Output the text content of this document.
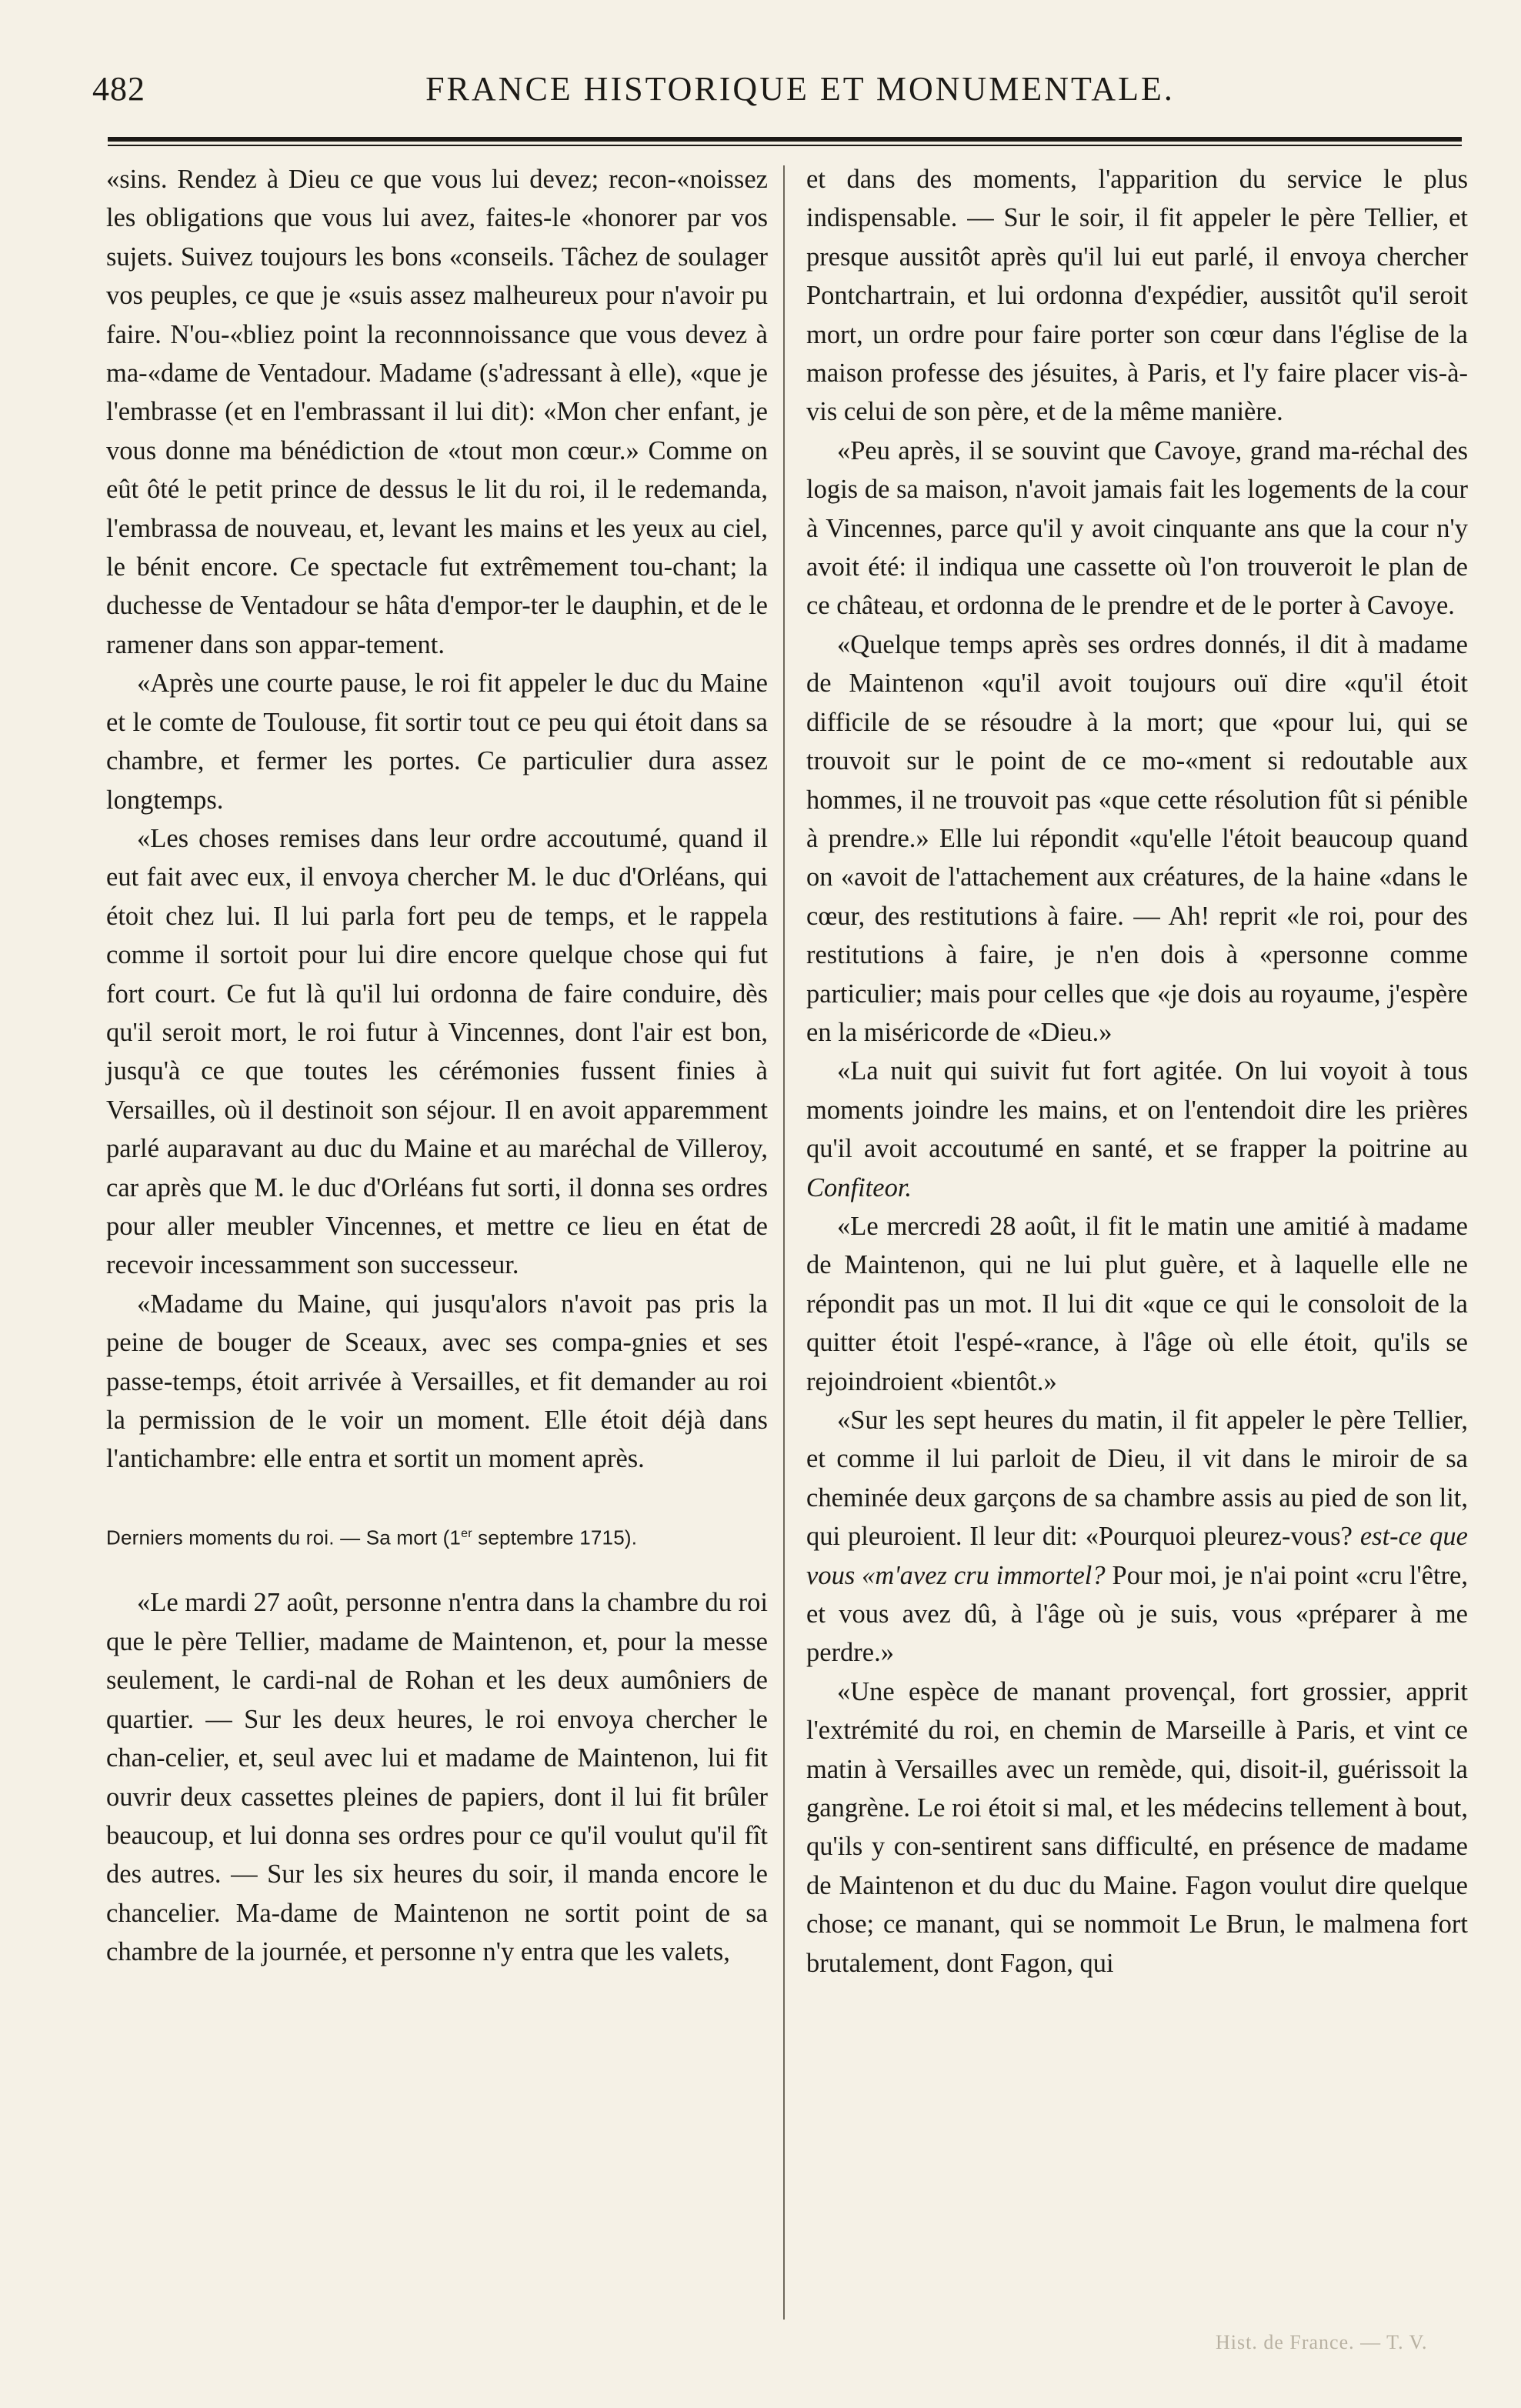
482	FRANCE HISTORIQUE ET MONUMENTALE.

«sins. Rendez à Dieu ce que vous lui devez; recon-«noissez les obligations que vous lui avez, faites-le «honorer par vos sujets. Suivez toujours les bons «conseils. Tâchez de soulager vos peuples, ce que je «suis assez malheureux pour n'avoir pu faire. N'ou-«bliez point la reconnnoissance que vous devez à ma-«dame de Ventadour. Madame (s'adressant à elle), «que je l'embrasse (et en l'embrassant il lui dit): «Mon cher enfant, je vous donne ma bénédiction de «tout mon cœur.» Comme on eût ôté le petit prince de dessus le lit du roi, il le redemanda, l'embrassa de nouveau, et, levant les mains et les yeux au ciel, le bénit encore. Ce spectacle fut extrêmement tou-chant; la duchesse de Ventadour se hâta d'empor-ter le dauphin, et de le ramener dans son appar-tement.

«Après une courte pause, le roi fit appeler le duc du Maine et le comte de Toulouse, fit sortir tout ce peu qui étoit dans sa chambre, et fermer les portes. Ce particulier dura assez longtemps.

«Les choses remises dans leur ordre accoutumé, quand il eut fait avec eux, il envoya chercher M. le duc d'Orléans, qui étoit chez lui. Il lui parla fort peu de temps, et le rappela comme il sortoit pour lui dire encore quelque chose qui fut fort court. Ce fut là qu'il lui ordonna de faire conduire, dès qu'il seroit mort, le roi futur à Vincennes, dont l'air est bon, jusqu'à ce que toutes les cérémonies fussent finies à Versailles, où il destinoit son séjour. Il en avoit apparemment parlé auparavant au duc du Maine et au maréchal de Villeroy, car après que M. le duc d'Orléans fut sorti, il donna ses ordres pour aller meubler Vincennes, et mettre ce lieu en état de recevoir incessamment son successeur.

«Madame du Maine, qui jusqu'alors n'avoit pas pris la peine de bouger de Sceaux, avec ses compa-gnies et ses passe-temps, étoit arrivée à Versailles, et fit demander au roi la permission de le voir un moment. Elle étoit déjà dans l'antichambre: elle entra et sortit un moment après.

Derniers moments du roi. — Sa mort (1er septembre 1715).

«Le mardi 27 août, personne n'entra dans la chambre du roi que le père Tellier, madame de Maintenon, et, pour la messe seulement, le cardi-nal de Rohan et les deux aumôniers de quartier. — Sur les deux heures, le roi envoya chercher le chan-celier, et, seul avec lui et madame de Maintenon, lui fit ouvrir deux cassettes pleines de papiers, dont il lui fit brûler beaucoup, et lui donna ses ordres pour ce qu'il voulut qu'il fît des autres. — Sur les six heures du soir, il manda encore le chancelier. Ma-dame de Maintenon ne sortit point de sa chambre de la journée, et personne n'y entra que les valets,

et dans des moments, l'apparition du service le plus indispensable. — Sur le soir, il fit appeler le père Tellier, et presque aussitôt après qu'il lui eut parlé, il envoya chercher Pontchartrain, et lui ordonna d'expédier, aussitôt qu'il seroit mort, un ordre pour faire porter son cœur dans l'église de la maison professe des jésuites, à Paris, et l'y faire placer vis-à-vis celui de son père, et de la même manière.

«Peu après, il se souvint que Cavoye, grand ma-réchal des logis de sa maison, n'avoit jamais fait les logements de la cour à Vincennes, parce qu'il y avoit cinquante ans que la cour n'y avoit été: il indiqua une cassette où l'on trouveroit le plan de ce château, et ordonna de le prendre et de le porter à Cavoye.

«Quelque temps après ses ordres donnés, il dit à madame de Maintenon «qu'il avoit toujours ouï dire «qu'il étoit difficile de se résoudre à la mort; que «pour lui, qui se trouvoit sur le point de ce mo-«ment si redoutable aux hommes, il ne trouvoit pas «que cette résolution fût si pénible à prendre.» Elle lui répondit «qu'elle l'étoit beaucoup quand on «avoit de l'attachement aux créatures, de la haine «dans le cœur, des restitutions à faire. — Ah! reprit «le roi, pour des restitutions à faire, je n'en dois à «personne comme particulier; mais pour celles que «je dois au royaume, j'espère en la miséricorde de «Dieu.»

«La nuit qui suivit fut fort agitée. On lui voyoit à tous moments joindre les mains, et on l'entendoit dire les prières qu'il avoit accoutumé en santé, et se frapper la poitrine au Confiteor.

«Le mercredi 28 août, il fit le matin une amitié à madame de Maintenon, qui ne lui plut guère, et à laquelle elle ne répondit pas un mot. Il lui dit «que ce qui le consoloit de la quitter étoit l'espé-«rance, à l'âge où elle étoit, qu'ils se rejoindroient «bientôt.»

«Sur les sept heures du matin, il fit appeler le père Tellier, et comme il lui parloit de Dieu, il vit dans le miroir de sa cheminée deux garçons de sa chambre assis au pied de son lit, qui pleuroient. Il leur dit: «Pourquoi pleurez-vous? est-ce que vous «m'avez cru immortel? Pour moi, je n'ai point «cru l'être, et vous avez dû, à l'âge où je suis, vous «préparer à me perdre.»

«Une espèce de manant provençal, fort grossier, apprit l'extrémité du roi, en chemin de Marseille à Paris, et vint ce matin à Versailles avec un remède, qui, disoit-il, guérissoit la gangrène. Le roi étoit si mal, et les médecins tellement à bout, qu'ils y con-sentirent sans difficulté, en présence de madame de Maintenon et du duc du Maine. Fagon voulut dire quelque chose; ce manant, qui se nommoit Le Brun, le malmena fort brutalement, dont Fagon, qui

Hist. de France. — T. V.
